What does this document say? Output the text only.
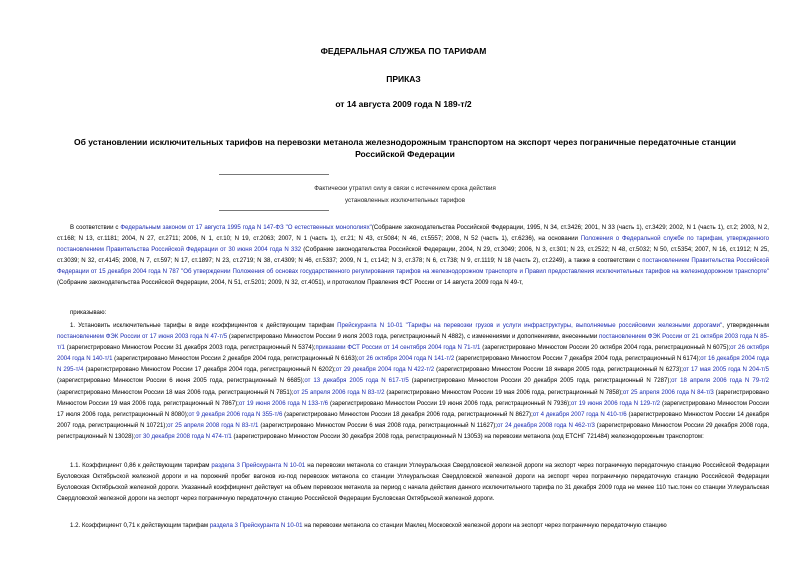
ФЕДЕРАЛЬНАЯ СЛУЖБА ПО ТАРИФАМ
ПРИКАЗ
от 14 августа 2009 года N 189-т/2
Об установлении исключительных тарифов на перевозки метанола железнодорожным транспортом на экспорт через пограничные передаточные станции Российской Федерации
Фактически утратил силу в связи с истечением срока действия
установленных исключительных тарифов

В соответствии с Федеральным законом от 17 августа 1995 года N 147-ФЗ "О естественных монополиях"(Собрание законодательства Российской Федерации, 1995, N 34, ст.3426; 2001, N 33 (часть 1), ст.3429; 2002, N 1 (часть 1), ст.2; 2003, N 2, ст.168; N 13, ст.1181; 2004, N 27, ст.2711; 2006, N 1, ст.10; N 19, ст.2063; 2007, N 1 (часть 1), ст.21; N 43, ст.5084; N 46, ст.5557; 2008, N 52 (часть 1), ст.6236), на основании Положения о Федеральной службе по тарифам, утвержденного постановлением Правительства Российской Федерации от 30 июня 2004 года N 332 (Собрание законодательства Российской Федерации, 2004, N 29, ст.3049; 2006, N 3, ст.301; N 23, ст.2522; N 48, ст.5032; N 50, ст.5354; 2007, N 16, ст.1912; N 25, ст.3039; N 32, ст.4145; 2008, N 7, ст.597; N 17, ст.1897; N 23, ст.2719; N 38, ст.4309; N 46, ст.5337; 2009, N 1, ст.142; N 3, ст.378; N 6, ст.738; N 9, ст.1119; N 18 (часть 2), ст.2249), а также в соответствии с постановлением Правительства Российской Федерации от 15 декабря 2004 года N 787 "Об утверждении Положения об основах государственного регулирования тарифов на железнодорожном транспорте и Правил предоставления исключительных тарифов на железнодорожном транспорте" (Собрание законодательства Российской Федерации, 2004, N 51, ст.5201; 2009, N 32, ст.4051), и протоколом Правления ФСТ России от 14 августа 2009 года N 49-т,

приказываю:

1. Установить исключительные тарифы в виде коэффициентов к действующим тарифам Прейскуранта N 10-01 "Тарифы на перевозки грузов и услуги инфраструктуры, выполняемые российскими железными дорогами", утвержденным постановлением ФЭК России от 17 июня 2003 года N 47-т/5 (зарегистрировано Минюстом России 9 июля 2003 года, регистрационный N 4882), с изменениями и дополнениями, внесенными постановлением ФЭК России от 21 октября 2003 года N 85-т/1 (зарегистрировано Минюстом России 31 декабря 2003 года, регистрационный N 5374);приказами ФСТ России от 14 сентября 2004 года N 71-т/1 (зарегистрировано Минюстом России 20 октября 2004 года, регистрационный N 6075);от 26 октября 2004 года N 140-т/1 (зарегистрировано Минюстом России 2 декабря 2004 года, регистрационный N 6163);от 26 октября 2004 года N 141-т/2 (зарегистрировано Минюстом России 7 декабря 2004 года, регистрационный N 6174);от 16 декабря 2004 года N 295-т/4 (зарегистрировано Минюстом России 17 декабря 2004 года, регистрационный N 6202);от 29 декабря 2004 года N 422-т/2 (зарегистрировано Минюстом России 18 января 2005 года, регистрационный N 6273);от 17 мая 2005 года N 204-т/5 (зарегистрировано Минюстом России 6 июня 2005 года, регистрационный N 6685);от 13 декабря 2005 года N 617-т/5 (зарегистрировано Минюстом России 20 декабря 2005 года, регистрационный N 7287);от 18 апреля 2006 года N 79-т/2 (зарегистрировано Минюстом России 18 мая 2006 года, регистрационный N 7851);от 25 апреля 2006 года N 83-т/2 (зарегистрировано Минюстом России 19 мая 2006 года, регистрационный N 7858);от 25 апреля 2006 года N 84-т/3 (зарегистрировано Минюстом России 19 мая 2006 года, регистрационный N 7867);от 19 июня 2006 года N 133-т/6 (зарегистрировано Минюстом России 19 июня 2006 года, регистрационный N 7936);от 19 июня 2006 года N 129-т/2 (зарегистрировано Минюстом России 17 июля 2006 года, регистрационный N 8080);от 9 декабря 2006 года N 355-т/6 (зарегистрировано Минюстом России 18 декабря 2006 года, регистрационный N 8627);от 4 декабря 2007 года N 410-т/6 (зарегистрировано Минюстом России 14 декабря 2007 года, регистрационный N 10721);от 25 апреля 2008 года N 83-т/1 (зарегистрировано Минюстом России 6 мая 2008 года, регистрационный N 11627);от 24 декабря 2008 года N 462-т/3 (зарегистрировано Минюстом России 29 декабря 2008 года, регистрационный N 13028);от 30 декабря 2008 года N 474-т/1 (зарегистрировано Минюстом России 30 декабря 2008 года, регистрационный N 13053) на перевозки метанола (код ЕТСНГ 721484) железнодорожным транспортом:

1.1. Коэффициент 0,86 к действующим тарифам раздела 3 Прейскуранта N 10-01 на перевозки метанола со станции Углеуральская Свердловской железной дороги на экспорт через пограничную передаточную станцию Российской Федерации Бусловская Октябрьской железной дороги и на порожний пробег вагонов из-под перевозок метанола со станции Углеуральская Свердловской железной дороги на экспорт через пограничную передаточную станцию Российской Федерации Бусловская Октябрьской железной дороги. Указанный коэффициент действует на объем перевозок метанола за период с начала действия данного исключительного тарифа по 31 декабря 2009 года не менее 110 тыс.тонн со станции Углеуральская Свердловской железной дороги на экспорт через пограничную передаточную станцию Российской Федерации Бусловская Октябрьской железной дороги.

1.2. Коэффициент 0,71 к действующим тарифам раздела 3 Прейскуранта N 10-01 на перевозки метанола со станции Маклец Московской железной дороги на экспорт через пограничную передаточную станцию
